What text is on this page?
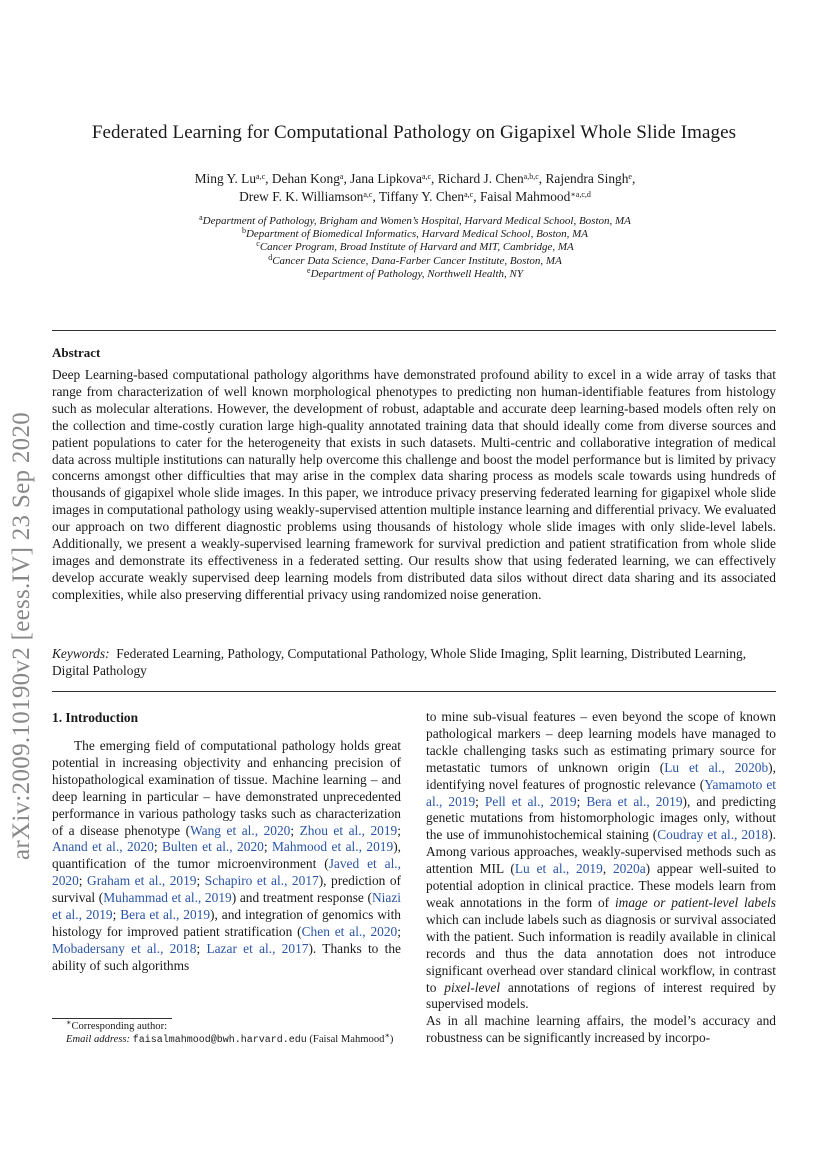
arXiv:2009.10190v2 [eess.IV] 23 Sep 2020
Federated Learning for Computational Pathology on Gigapixel Whole Slide Images
Ming Y. Lu$^{a,c}$, Dehan Kong$^a$, Jana Lipkova$^{a,c}$, Richard J. Chen$^{a,b,c}$, Rajendra Singh$^e$,
Drew F. K. Williamson$^{a,c}$, Tiffany Y. Chen$^{a,c}$, Faisal Mahmood$^{∗a,c,d}$
$^a$Department of Pathology, Brigham and Women’s Hospital, Harvard Medical School, Boston, MA
$^b$Department of Biomedical Informatics, Harvard Medical School, Boston, MA
$^c$Cancer Program, Broad Institute of Harvard and MIT, Cambridge, MA
$^d$Cancer Data Science, Dana-Farber Cancer Institute, Boston, MA
$^e$Department of Pathology, Northwell Health, NY
Abstract
Deep Learning-based computational pathology algorithms have demonstrated profound ability to excel in a wide array of tasks that range from characterization of well known morphological phenotypes to predicting non human-identifiable features from histology such as molecular alterations. However, the development of robust, adaptable and accurate deep learning-based models often rely on the collection and time-costly curation large high-quality annotated training data that should ideally come from diverse sources and patient populations to cater for the heterogeneity that exists in such datasets. Multi-centric and collaborative integration of medical data across multiple institutions can naturally help overcome this challenge and boost the model performance but is limited by privacy concerns amongst other difficulties that may arise in the complex data sharing process as models scale towards using hundreds of thousands of gigapixel whole slide images. In this paper, we introduce privacy preserving federated learning for gigapixel whole slide images in computational pathology using weakly-supervised attention multiple instance learning and differential privacy. We evaluated our approach on two different diagnostic problems using thousands of histology whole slide images with only slide-level labels. Additionally, we present a weakly-supervised learning framework for survival prediction and patient stratification from whole slide images and demonstrate its effectiveness in a federated setting. Our results show that using federated learning, we can effectively develop accurate weakly supervised deep learning models from distributed data silos without direct data sharing and its associated complexities, while also preserving differential privacy using randomized noise generation.
Keywords: Federated Learning, Pathology, Computational Pathology, Whole Slide Imaging, Split learning, Distributed Learning, Digital Pathology
1. Introduction
The emerging field of computational pathology holds great potential in increasing objectivity and enhancing precision of histopathological examination of tissue. Machine learning – and deep learning in particular – have demonstrated unprecedented performance in various pathology tasks such as characterization of a disease phenotype (Wang et al., 2020; Zhou et al., 2019; Anand et al., 2020; Bulten et al., 2020; Mahmood et al., 2019), quantification of the tumor microenvironment (Javed et al., 2020; Graham et al., 2019; Schapiro et al., 2017), prediction of survival (Muhammad et al., 2019) and treatment response (Niazi et al., 2019; Bera et al., 2019), and integration of genomics with histology for improved patient stratification (Chen et al., 2020; Mobadersany et al., 2018; Lazar et al., 2017). Thanks to the ability of such algorithms
to mine sub-visual features – even beyond the scope of known pathological markers – deep learning models have managed to tackle challenging tasks such as estimating primary source for metastatic tumors of unknown origin (Lu et al., 2020b), identifying novel features of prognostic relevance (Yamamoto et al., 2019; Pell et al., 2019; Bera et al., 2019), and predicting genetic mutations from histomorphologic images only, without the use of immunohistochemical staining (Coudray et al., 2018). Among various approaches, weakly-supervised methods such as attention MIL (Lu et al., 2019, 2020a) appear well-suited to potential adoption in clinical practice. These models learn from weak annotations in the form of image or patient-level labels which can include labels such as diagnosis or survival associated with the patient. Such information is readily available in clinical records and thus the data annotation does not introduce significant overhead over standard clinical workflow, in contrast to pixel-level annotations of regions of interest required by supervised models.
As in all machine learning affairs, the model’s accuracy and robustness can be significantly increased by incorpo-
∗Corresponding author:
Email address: faisalmahmood@bwh.harvard.edu (Faisal Mahmood∗)
